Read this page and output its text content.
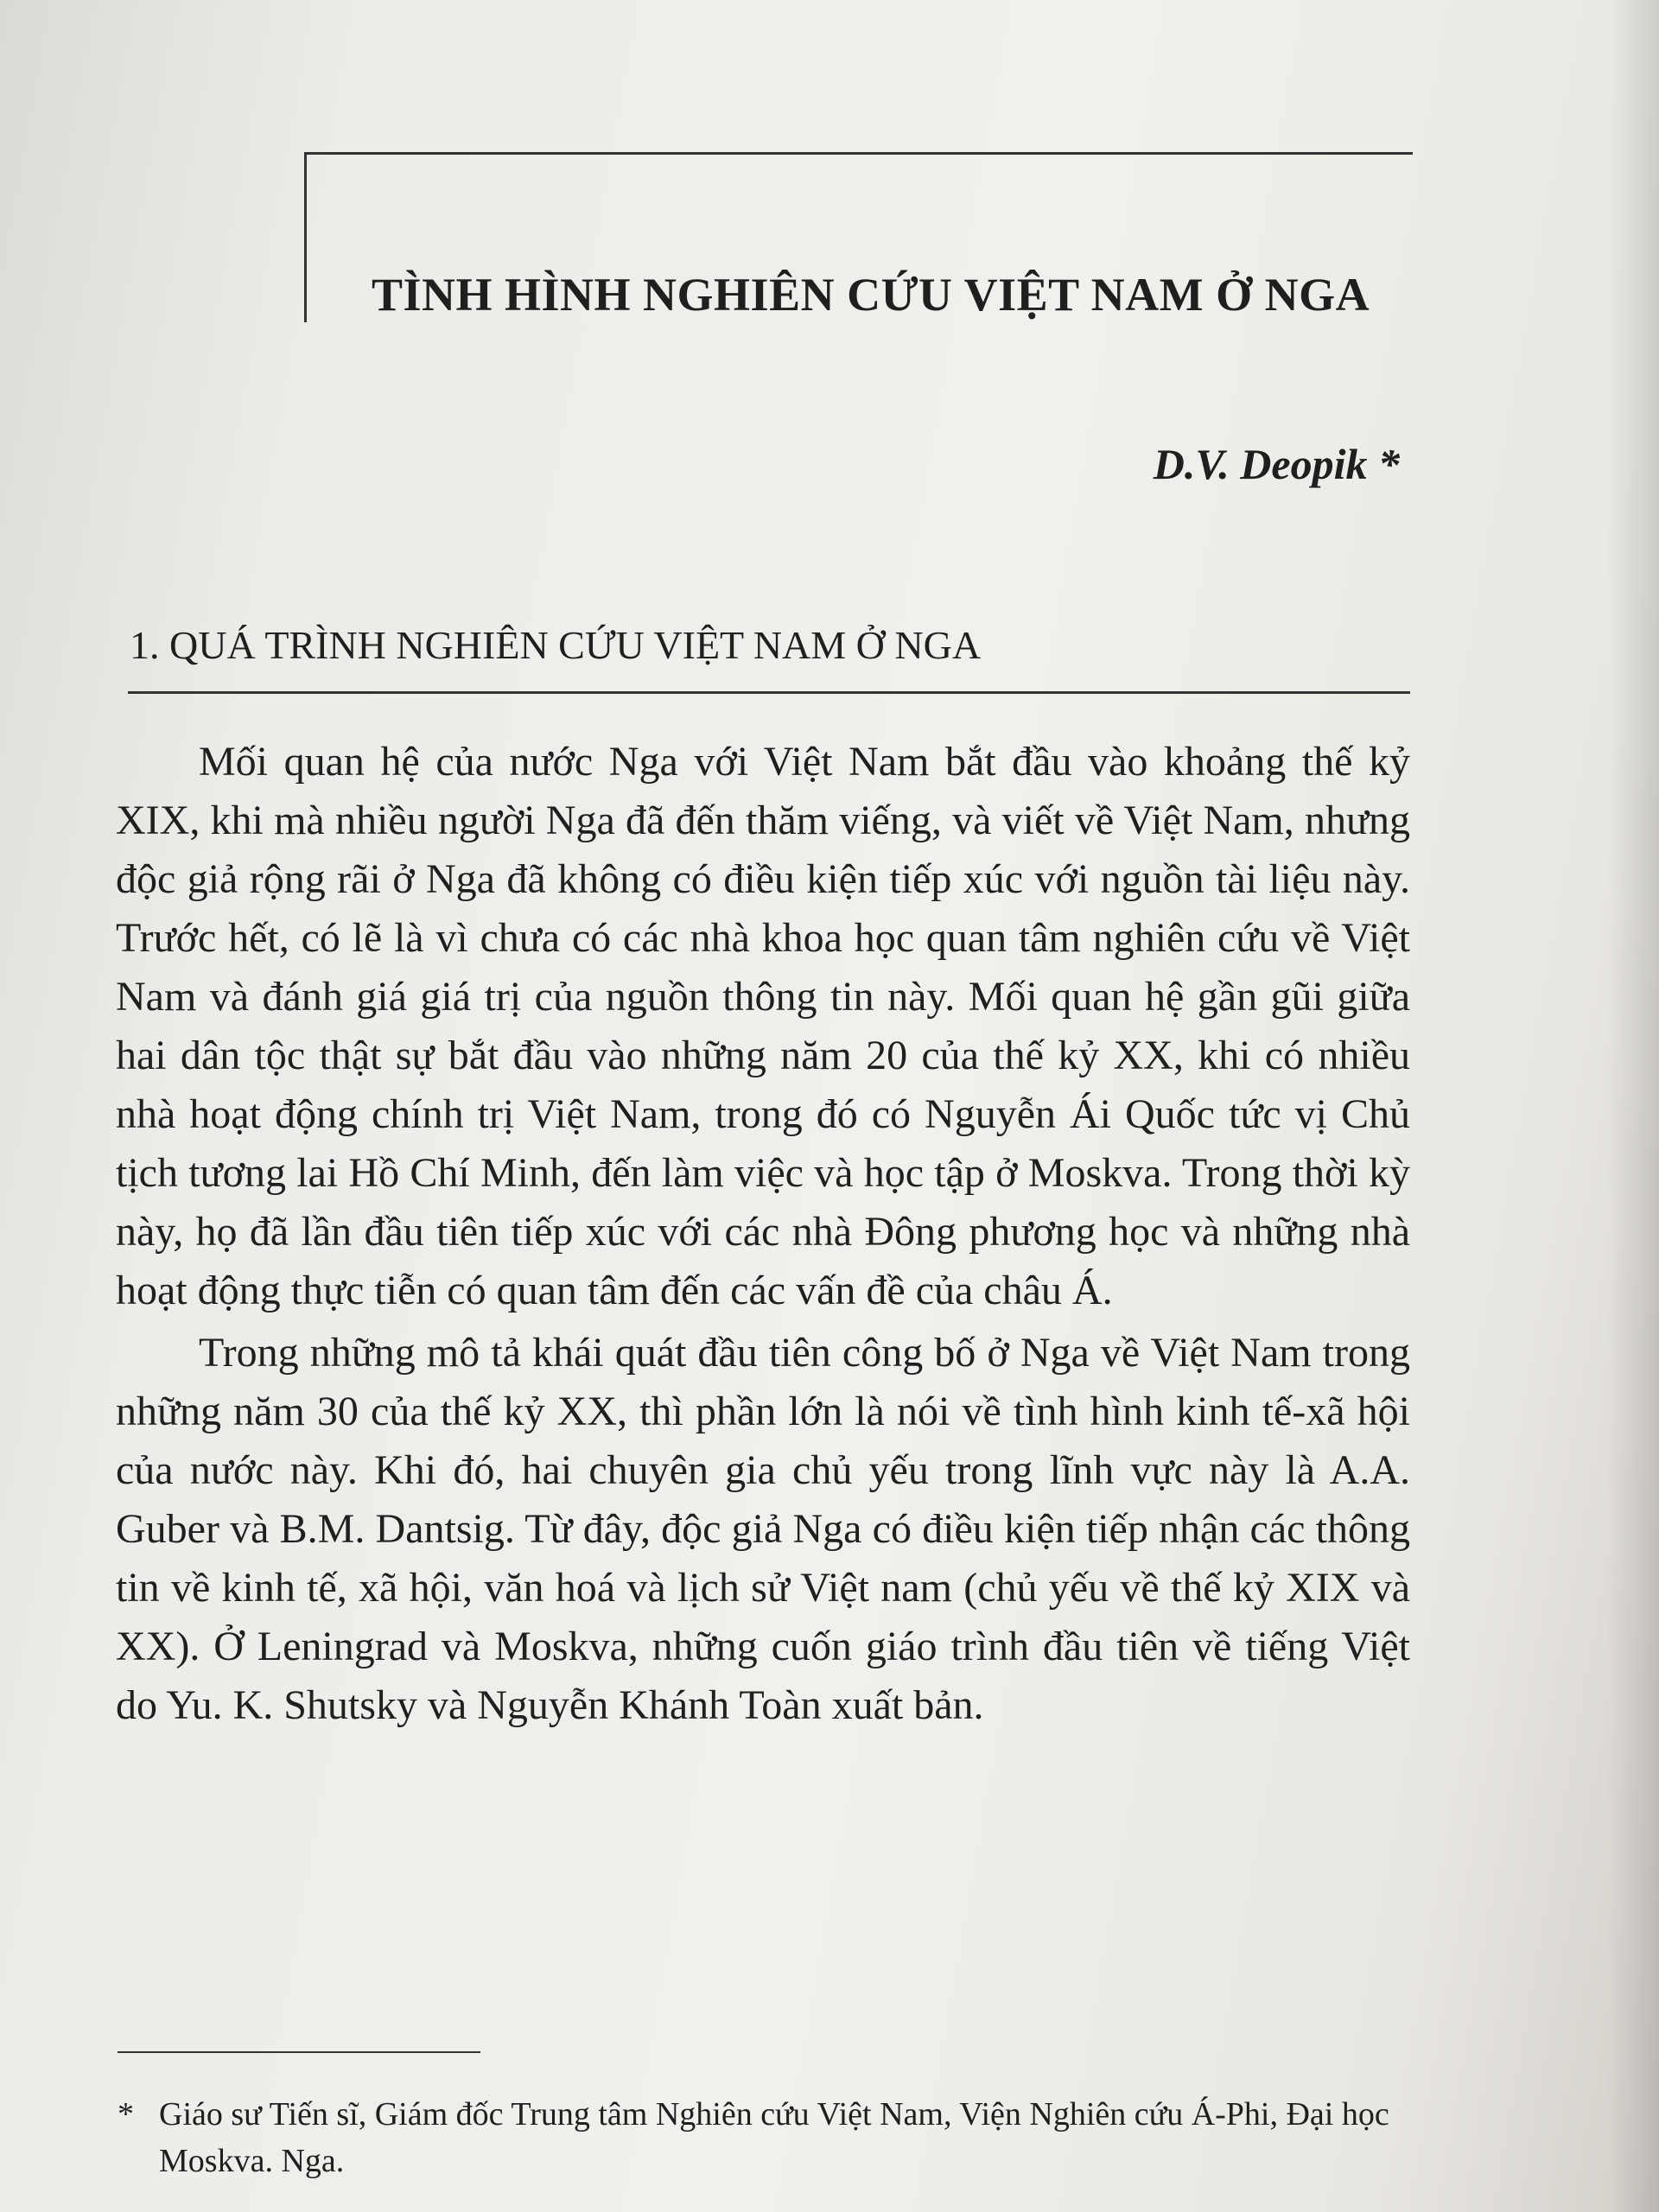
TÌNH HÌNH NGHIÊN CỨU VIỆT NAM Ở NGA
D.V. Deopik *
1. QUÁ TRÌNH NGHIÊN CỨU VIỆT NAM Ở NGA

Mối quan hệ của nước Nga với Việt Nam bắt đầu vào khoảng thế kỷ XIX, khi mà nhiều người Nga đã đến thăm viếng, và viết về Việt Nam, nhưng độc giả rộng rãi ở Nga đã không có điều kiện tiếp xúc với nguồn tài liệu này. Trước hết, có lẽ là vì chưa có các nhà khoa học quan tâm nghiên cứu về Việt Nam và đánh giá giá trị của nguồn thông tin này. Mối quan hệ gần gũi giữa hai dân tộc thật sự bắt đầu vào những năm 20 của thế kỷ XX, khi có nhiều nhà hoạt động chính trị Việt Nam, trong đó có Nguyễn Ái Quốc tức vị Chủ tịch tương lai Hồ Chí Minh, đến làm việc và học tập ở Moskva. Trong thời kỳ này, họ đã lần đầu tiên tiếp xúc với các nhà Đông phương học và những nhà hoạt động thực tiễn có quan tâm đến các vấn đề của châu Á.

Trong những mô tả khái quát đầu tiên công bố ở Nga về Việt Nam trong những năm 30 của thế kỷ XX, thì phần lớn là nói về tình hình kinh tế-xã hội của nước này. Khi đó, hai chuyên gia chủ yếu trong lĩnh vực này là A.A. Guber và B.M. Dantsig. Từ đây, độc giả Nga có điều kiện tiếp nhận các thông tin về kinh tế, xã hội, văn hoá và lịch sử Việt nam (chủ yếu về thế kỷ XIX và XX). Ở Leningrad và Moskva, những cuốn giáo trình đầu tiên về tiếng Việt do Yu. K. Shutsky và Nguyễn Khánh Toàn xuất bản.

* Giáo sư Tiến sĩ, Giám đốc Trung tâm Nghiên cứu Việt Nam, Viện Nghiên cứu Á-Phi, Đại học Moskva. Nga.
